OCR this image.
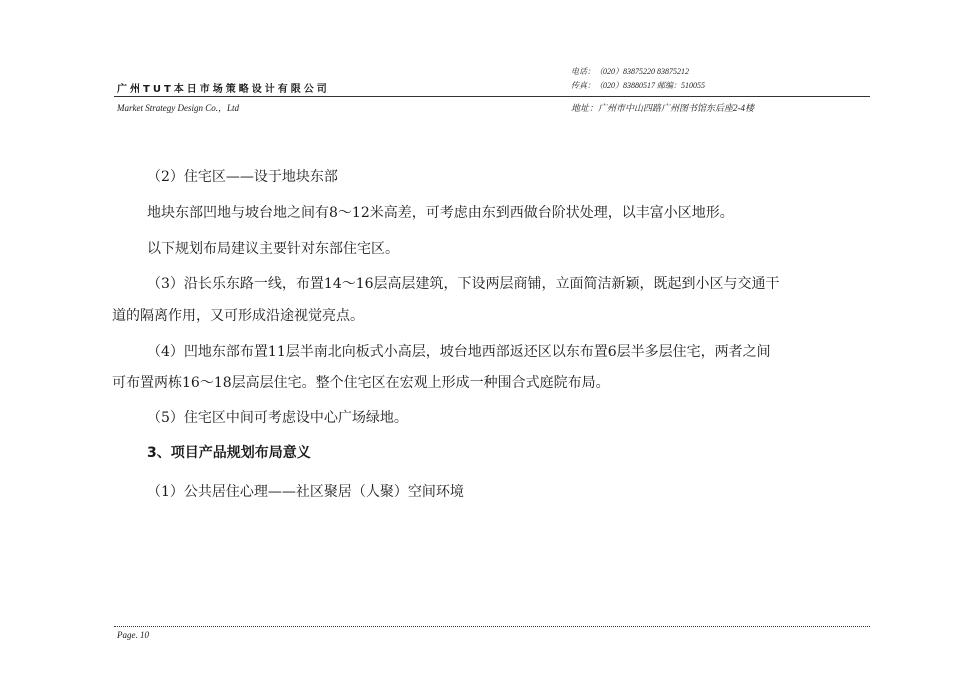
电话：（020）83875220 83875212
广州TUT本日市场策略设计有限公司	传真：（020）83880517 邮编：510055
Market Strategy Design Co.，Ltd	地址：广州市中山四路广州图书馆东后座2-4楼
（2）住宅区——设于地块东部
地块东部凹地与坡台地之间有8～12米高差，可考虑由东到西做台阶状处理，以丰富小区地形。
以下规划布局建议主要针对东部住宅区。
（3）沿长乐东路一线，布置14～16层高层建筑，下设两层商铺，立面简洁新颖，既起到小区与交通干
道的隔离作用，又可形成沿途视觉亮点。
（4）凹地东部布置11层半南北向板式小高层，坡台地西部返还区以东布置6层半多层住宅，两者之间
可布置两栋16～18层高层住宅。整个住宅区在宏观上形成一种围合式庭院布局。
（5）住宅区中间可考虑设中心广场绿地。
3、项目产品规划布局意义
（1）公共居住心理——社区聚居（人聚）空间环境
Page. 10
